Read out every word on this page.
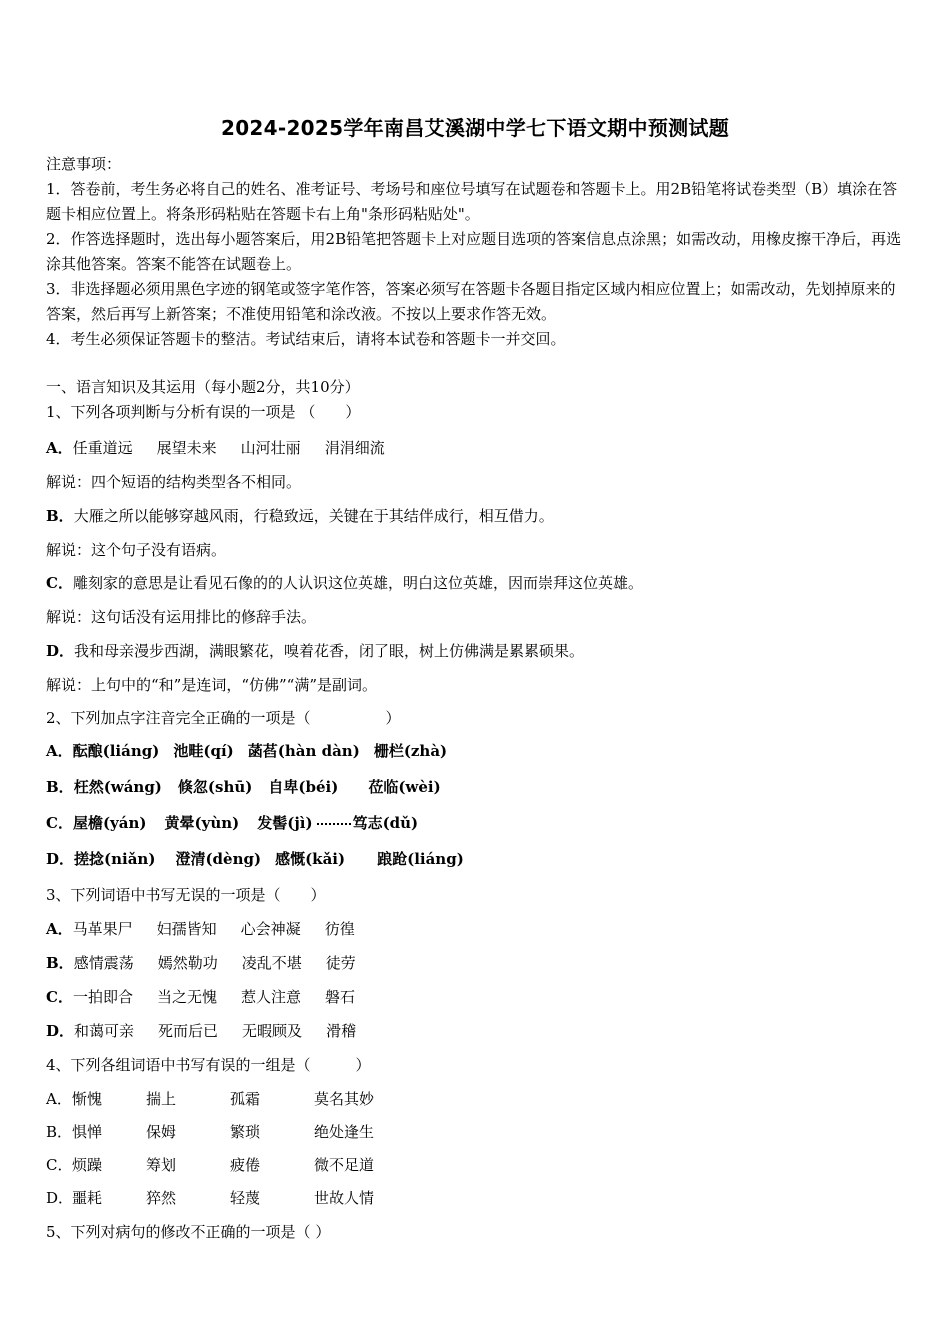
2024-2025学年南昌艾溪湖中学七下语文期中预测试题

注意事项：

1．答卷前，考生务必将自己的姓名、准考证号、考场号和座位号填写在试题卷和答题卡上。用2B铅笔将试卷类型（B）填涂在答题卡相应位置上。将条形码粘贴在答题卡右上角"条形码粘贴处"。

2．作答选择题时，选出每小题答案后，用2B铅笔把答题卡上对应题目选项的答案信息点涂黑；如需改动，用橡皮擦干净后，再选涂其他答案。答案不能答在试题卷上。

3．非选择题必须用黑色字迹的钢笔或签字笔作答，答案必须写在答题卡各题目指定区域内相应位置上；如需改动，先划掉原来的答案，然后再写上新答案；不准使用铅笔和涂改液。不按以上要求作答无效。

4．考生必须保证答题卡的整洁。考试结束后，请将本试卷和答题卡一并交回。

一、语言知识及其运用（每小题2分，共10分）
1、下列各项判断与分析有误的一项是 （　　）
A．任重道远 展望未来 山河壮丽 涓涓细流
解说：四个短语的结构类型各不相同。
B．大雁之所以能够穿越风雨，行稳致远，关键在于其结伴成行，相互借力。
解说：这个句子没有语病。
C．雕刻家的意思是让看见石像的的人认识这位英雄，明白这位英雄，因而崇拜这位英雄。
解说：这句话没有运用排比的修辞手法。
D．我和母亲漫步西湖，满眼繁花，嗅着花香，闭了眼，树上仿佛满是累累硕果。
解说：上句中的“和”是连词，“仿佛”“满”是副词。
2、下列加点字注音完全正确的一项是（　　　　　）
A．酝酿(liáng) 池畦(qí) 菡萏(hàn dàn) 栅栏(zhà)
B．枉然(wáng) 倏忽(shū) 自卑(béi) 莅临(wèi)
C．屋檐(yán) 黄晕(yùn) 发髻(jì)	笃志(dǔ)
D．搓捻(niǎn) 澄清(dèng) 感慨(kǎi) 踉跄(liáng)
3、下列词语中书写无误的一项是（　　）
A．马革果尸 妇孺皆知 心会神凝 彷徨
B．感情震荡 嫣然勒功 凌乱不堪 徒劳
C．一拍即合 当之无愧 惹人注意 磐石
D．和蔼可亲 死而后已 无暇顾及 滑稽
4、下列各组词语中书写有误的一组是（　　　）
A．惭愧	揣上	孤霜	莫名其妙
B．惧惮	保姆	繁琐	绝处逢生
C．烦躁	筹划	疲倦	微不足道
D．噩耗	猝然	轻蔑	世故人情
5、下列对病句的修改不正确的一项是（ ）
